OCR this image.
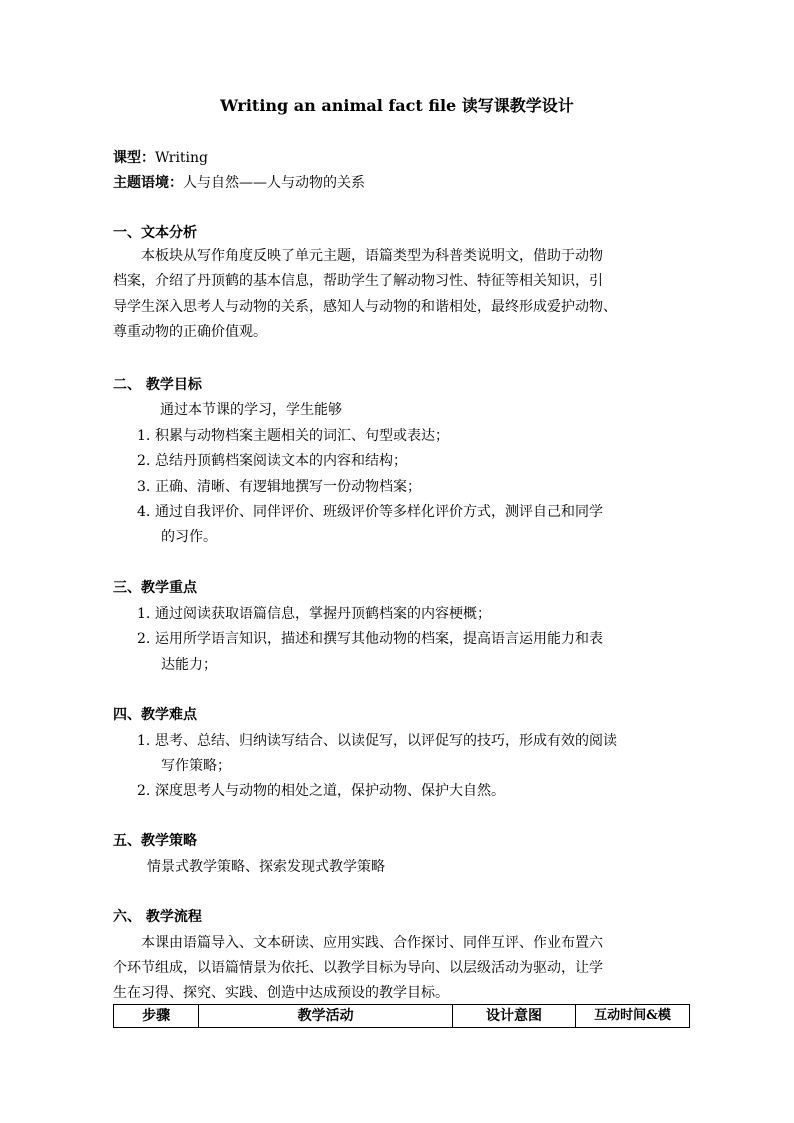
Writing an animal fact file 读写课教学设计
课型：Writing
主题语境：人与自然——人与动物的关系
一、文本分析
本板块从写作角度反映了单元主题，语篇类型为科普类说明文，借助于动物
档案，介绍了丹顶鹤的基本信息，帮助学生了解动物习性、特征等相关知识，引
导学生深入思考人与动物的关系，感知人与动物的和谐相处，最终形成爱护动物、
尊重动物的正确价值观。
二、 教学目标
通过本节课的学习，学生能够
1. 积累与动物档案主题相关的词汇、句型或表达；
2. 总结丹顶鹤档案阅读文本的内容和结构；
3. 正确、清晰、有逻辑地撰写一份动物档案；
4. 通过自我评价、同伴评价、班级评价等多样化评价方式，测评自己和同学
的习作。
三、教学重点
1. 通过阅读获取语篇信息，掌握丹顶鹤档案的内容梗概；
2. 运用所学语言知识，描述和撰写其他动物的档案，提高语言运用能力和表
达能力；
四、教学难点
1. 思考、总结、归纳读写结合、以读促写，以评促写的技巧，形成有效的阅读
写作策略；
2. 深度思考人与动物的相处之道，保护动物、保护大自然。
五、教学策略
情景式教学策略、探索发现式教学策略
六、 教学流程
本课由语篇导入、文本研读、应用实践、合作探讨、同伴互评、作业布置六
个环节组成，以语篇情景为依托、以教学目标为导向、以层级活动为驱动，让学
生在习得、探究、实践、创造中达成预设的教学目标。
步骤	教学活动	设计意图	互动时间&模
